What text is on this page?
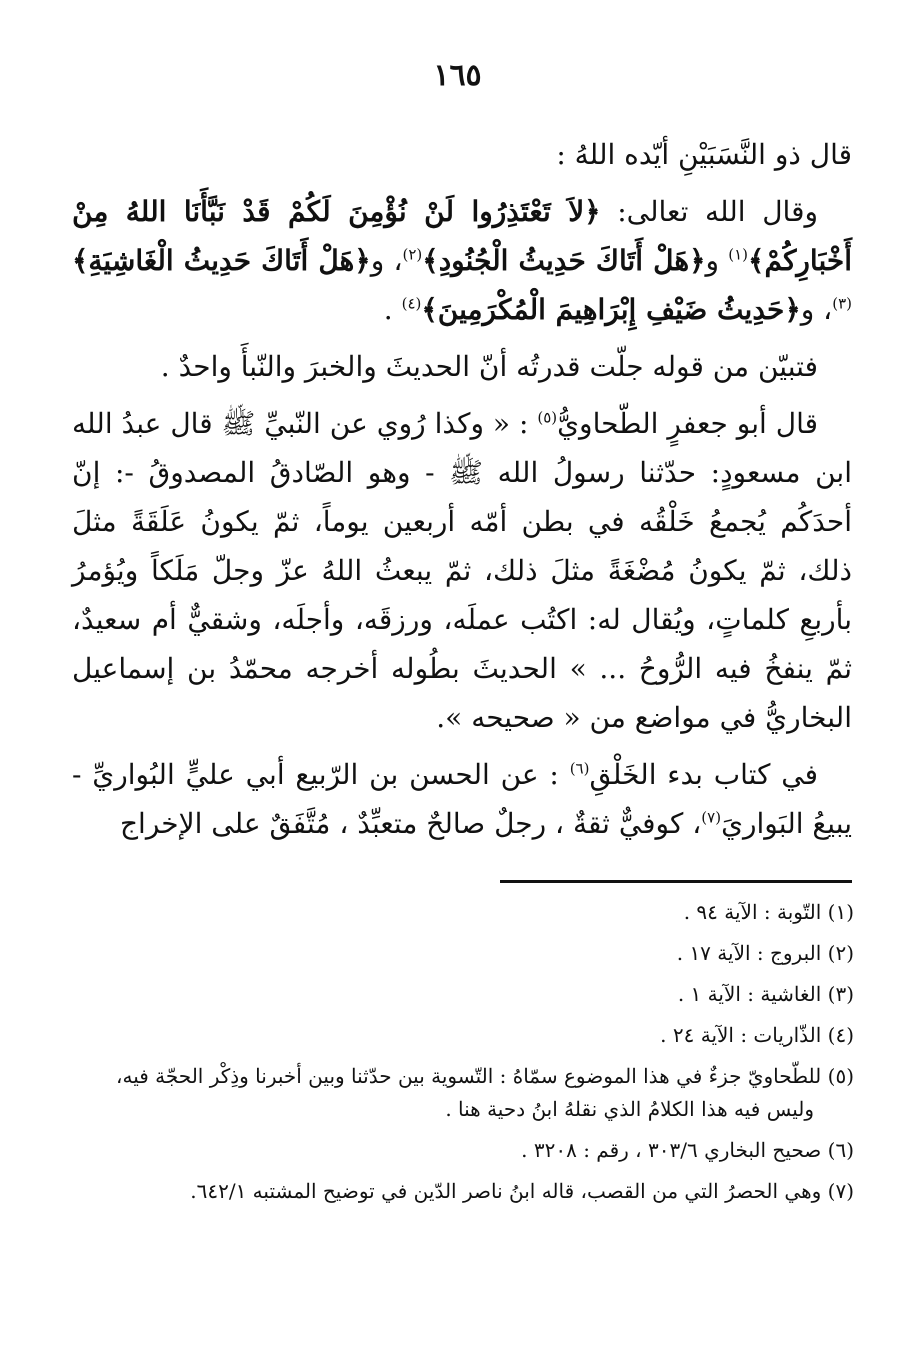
١٦٥

قال ذو النَّسَبَيْنِ أيّده اللهُ :

وقال الله تعالى: ﴿لاَ تَعْتَذِرُوا لَنْ نُؤْمِنَ لَكُمْ قَدْ نَبَّأَنَا اللهُ مِنْ أَخْبَارِكُمْ﴾$^{(١)}$ و﴿هَلْ أَتَاكَ حَدِيثُ الْجُنُودِ﴾$^{(٢)}$، و﴿هَلْ أَتَاكَ حَدِيثُ الْغَاشِيَةِ﴾$^{(٣)}$، و﴿حَدِيثُ ضَيْفِ إِبْرَاهِيمَ الْمُكْرَمِينَ﴾$^{(٤)}$ .

فتبيّن من قوله جلّت قدرتُه أنّ الحديثَ والخبرَ والنّبأَ واحدٌ .

قال أبو جعفرٍ الطّحاويُّ$^{(٥)}$ : « وكذا رُوي عن النّبيِّ ﷺ قال عبدُ الله ابن مسعودٍ: حدّثنا رسولُ الله ﷺ - وهو الصّادقُ المصدوقُ -: إنّ أحدَكُم يُجمعُ خَلْقُه في بطن أمّه أربعين يوماً، ثمّ يكونُ عَلَقَةً مثلَ ذلك، ثمّ يكونُ مُضْغَةً مثلَ ذلك، ثمّ يبعثُ اللهُ عزّ وجلّ مَلَكاً ويُؤمرُ بأربعِ كلماتٍ، ويُقال له: اكتُب عملَه، ورزقَه، وأجلَه، وشقيٌّ أم سعيدٌ، ثمّ ينفخُ فيه الرُّوحُ ... » الحديثَ بطُوله أخرجه محمّدُ بن إسماعيل البخاريُّ في مواضع من « صحيحه ».

في كتاب بدء الخَلْقِ$^{(٦)}$ : عن الحسن بن الرّبيع أبي عليٍّ البُواريِّ - يبيعُ البَواريَ$^{(٧)}$، كوفيٌّ ثقةٌ ، رجلٌ صالحٌ متعبِّدٌ ، مُتَّفَقٌ على الإخراج

(١) التّوبة : الآية ٩٤ .
(٢) البروج : الآية ١٧ .
(٣) الغاشية : الآية ١ .
(٤) الذّاريات : الآية ٢٤ .
(٥) للطّحاويّ جزءٌ في هذا الموضوع سمّاهُ : التّسوية بين حدّثنا وبين أخبرنا وذِكْر الحجّة فيه،
وليس فيه هذا الكلامُ الذي نقلهُ ابنُ دحية هنا .
(٦) صحيح البخاري ٣٠٣/٦ ، رقم : ٣٢٠٨ .
(٧) وهي الحصرُ التي من القصب، قاله ابنُ ناصر الدّين في توضيح المشتبه ٦٤٢/١.
